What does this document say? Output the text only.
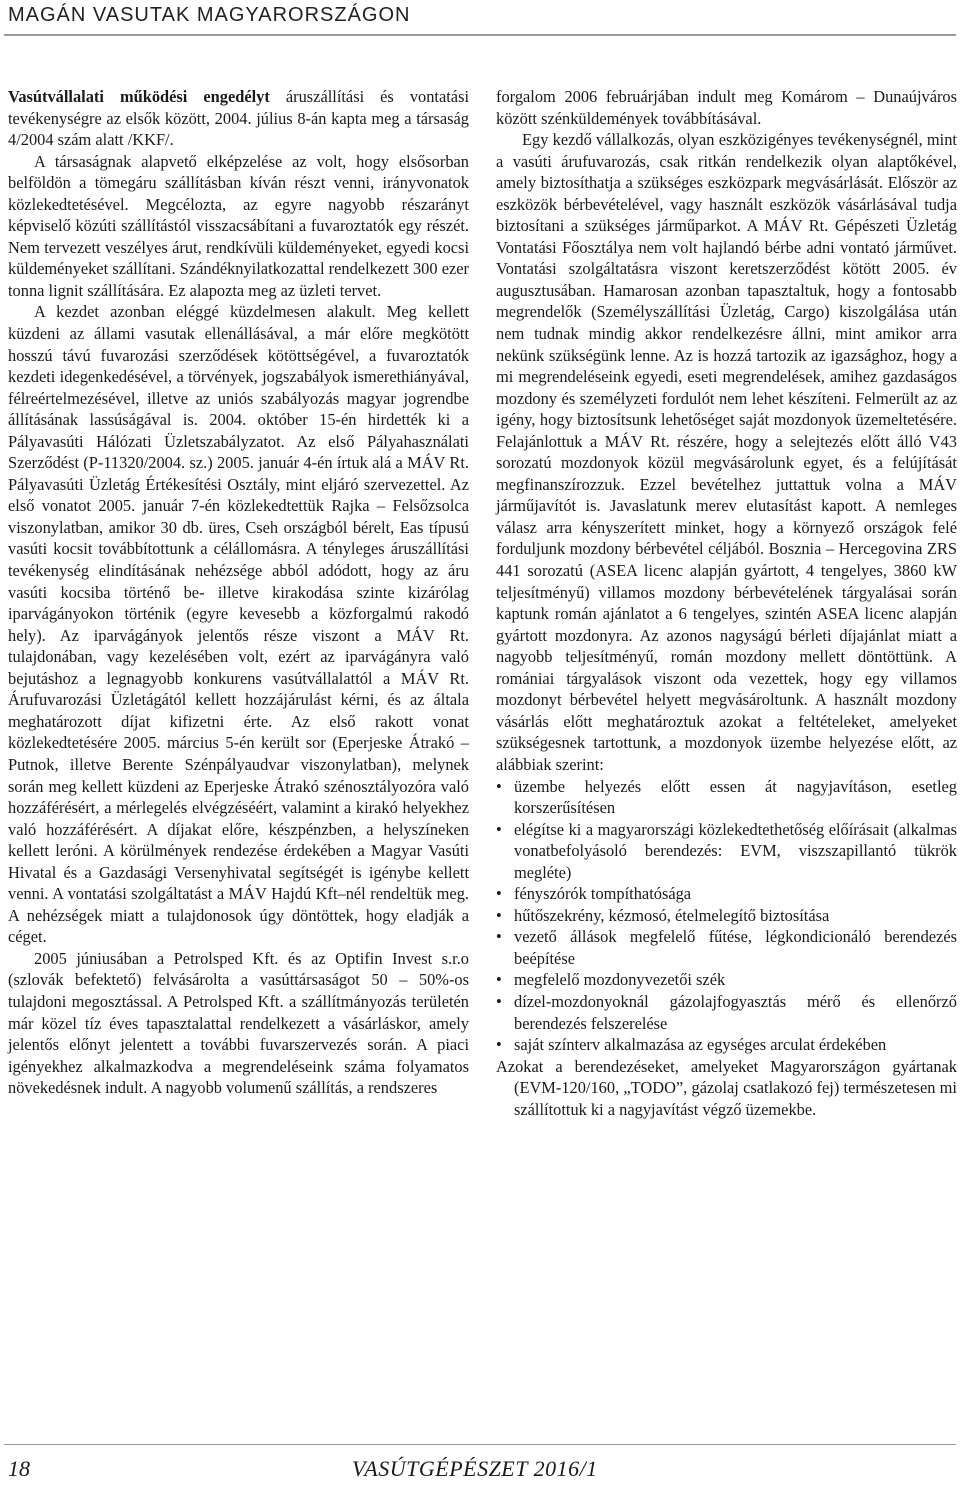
MAGÁN VASUTAK MAGYARORSZÁGON

Vasútvállalati működési engedélyt áruszállítási és vontatási tevékenységre az elsők között, 2004. július 8-án kapta meg a társaság 4/2004 szám alatt /KKF/.

A társaságnak alapvető elképzelése az volt, hogy elsősorban belföldön a tömegáru szállításban kíván részt venni, irányvonatok közlekedtetésével. Megcélozta, az egyre nagyobb részarányt képviselő közúti szállítástól visszacsábítani a fuvaroztatók egy részét. Nem tervezett veszélyes árut, rendkívüli küldeményeket, egyedi kocsi küldeményeket szállítani. Szándéknyilatkozattal rendelkezett 300 ezer tonna lignit szállítására. Ez alapozta meg az üzleti tervet.

A kezdet azonban eléggé küzdelmesen alakult. Meg kellett küzdeni az állami vasutak ellenállásával, a már előre megkötött hosszú távú fuvarozási szerződések kötöttségével, a fuvaroztatók kezdeti idegenkedésével, a törvények, jogszabályok ismerethiányával, félreértelmezésével, illetve az uniós szabályozás magyar jogrendbe állításának lassúságával is. 2004. október 15-én hirdették ki a Pályavasúti Hálózati Üzletszabályzatot. Az első Pályahasználati Szerződést (P-11320/2004. sz.) 2005. január 4-én írtuk alá a MÁV Rt. Pályavasúti Üzletág Értékesítési Osztály, mint eljáró szervezettel. Az első vonatot 2005. január 7-én közlekedtettük Rajka – Felsőzsolca viszonylatban, amikor 30 db. üres, Cseh országból bérelt, Eas típusú vasúti kocsit továbbítottunk a célállomásra. A tényleges áruszállítási tevékenység elindításának nehézsége abból adódott, hogy az áru vasúti kocsiba történő be- illetve kirakodása szinte kizárólag iparvágányokon történik (egyre kevesebb a közforgalmú rakodó hely). Az iparvágányok jelentős része viszont a MÁV Rt. tulajdonában, vagy kezelésében volt, ezért az iparvágányra való bejutáshoz a legnagyobb konkurens vasútvállalattól a MÁV Rt. Árufuvarozási Üzletágától kellett hozzájárulást kérni, és az általa meghatározott díjat kifizetni érte. Az első rakott vonat közlekedtetésére 2005. március 5-én került sor (Eperjeske Átrakó – Putnok, illetve Berente Szénpályaudvar viszonylatban), melynek során meg kellett küzdeni az Eperjeske Átrakó szénosztályozóra való hozzáférésért, a mérlegelés elvégzéséért, valamint a kirakó helyekhez való hozzáférésért. A díjakat előre, készpénzben, a helyszíneken kellett leróni. A körülmények rendezése érdekében a Magyar Vasúti Hivatal és a Gazdasági Versenyhivatal segítségét is igénybe kellett venni. A vontatási szolgáltatást a MÁV Hajdú Kft–nél rendeltük meg. A nehézségek miatt a tulajdonosok úgy döntöttek, hogy eladják a céget.

2005 júniusában a Petrolsped Kft. és az Optifin Invest s.r.o (szlovák befektető) felvásárolta a vasúttársaságot 50 – 50%-os tulajdoni megosztással. A Petrolsped Kft. a szállítmányozás területén már közel tíz éves tapasztalattal rendelkezett a vásárláskor, amely jelentős előnyt jelentett a további fuvarszervezés során. A piaci igényekhez alkalmazkodva a megrendeléseink száma folyamatos növekedésnek indult. A nagyobb volumenű szállítás, a rendszeres

forgalom 2006 februárjában indult meg Komárom – Dunaújváros között szénküldemények továbbításával.

Egy kezdő vállalkozás, olyan eszközigényes tevékenységnél, mint a vasúti árufuvarozás, csak ritkán rendelkezik olyan alaptőkével, amely biztosíthatja a szükséges eszközpark megvásárlását. Először az eszközök bérbevételével, vagy használt eszközök vásárlásával tudja biztosítani a szükséges járműparkot. A MÁV Rt. Gépészeti Üzletág Vontatási Főosztálya nem volt hajlandó bérbe adni vontató járművet. Vontatási szolgáltatásra viszont keretszerződést kötött 2005. év augusztusában. Hamarosan azonban tapasztaltuk, hogy a fontosabb megrendelők (Személyszállítási Üzletág, Cargo) kiszolgálása után nem tudnak mindig akkor rendelkezésre állni, mint amikor arra nekünk szükségünk lenne. Az is hozzá tartozik az igazsághoz, hogy a mi megrendeléseink egyedi, eseti megrendelések, amihez gazdaságos mozdony és személyzeti fordulót nem lehet készíteni. Felmerült az az igény, hogy biztosítsunk lehetőséget saját mozdonyok üzemeltetésére. Felajánlottuk a MÁV Rt. részére, hogy a selejtezés előtt álló V43 sorozatú mozdonyok közül megvásárolunk egyet, és a felújítását megfinanszírozzuk. Ezzel bevételhez juttattuk volna a MÁV járműjavítót is. Javaslatunk merev elutasítást kapott. A nemleges válasz arra kényszerített minket, hogy a környező országok felé forduljunk mozdony bérbevétel céljából. Bosznia – Hercegovina ZRS 441 sorozatú (ASEA licenc alapján gyártott, 4 tengelyes, 3860 kW teljesítményű) villamos mozdony bérbevételének tárgyalásai során kaptunk román ajánlatot a 6 tengelyes, szintén ASEA licenc alapján gyártott mozdonyra. Az azonos nagyságú bérleti díjajánlat miatt a nagyobb teljesítményű, román mozdony mellett döntöttünk. A romániai tárgyalások viszont oda vezettek, hogy egy villamos mozdonyt bérbevétel helyett megvásároltunk. A használt mozdony vásárlás előtt meghatároztuk azokat a feltételeket, amelyeket szükségesnek tartottunk, a mozdonyok üzembe helyezése előtt, az alábbiak szerint:

• üzembe helyezés előtt essen át nagyjavításon, esetleg korszerűsítésen
• elégítse ki a magyarországi közlekedtethetőség előírásait (alkalmas vonatbefolyásoló berendezés: EVM, viszszapillantó tükrök megléte)
• fényszórók tompíthatósága
• hűtőszekrény, kézmosó, ételmelegítő biztosítása
• vezető állások megfelelő fűtése, légkondicionáló berendezés beépítése
• megfelelő mozdonyvezetői szék
• dízel-mozdonyoknál gázolajfogyasztás mérő és ellenőrző berendezés felszerelése
• saját színterv alkalmazása az egységes arculat érdekében

Azokat a berendezéseket, amelyeket Magyarországon gyártanak (EVM-120/160, „TODO”, gázolaj csatlakozó fej) természetesen mi szállítottuk ki a nagyjavítást végző üzemekbe.

18	VASÚTGÉPÉSZET 2016/1
